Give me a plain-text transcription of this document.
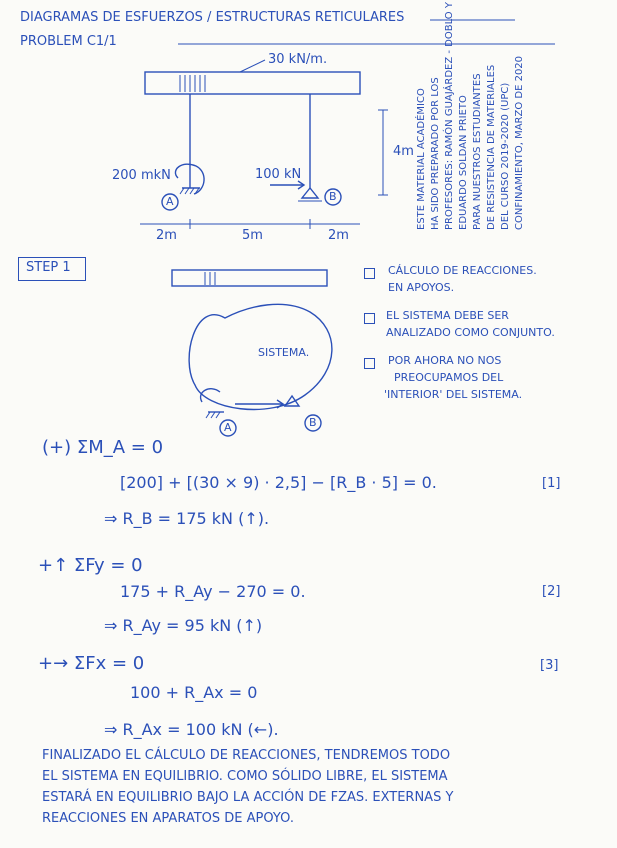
DIAGRAMAS DE ESFUERZOS / ESTRUCTURAS RETICULARES
PROBLEM C1/1
30 kN/m.
4m
200 mkN	100 kN
A	B
2m	5m	2m
ESTE MATERIAL ACADÉMICO HA SIDO PREPARADO POR LOS PROFESORES: RAMÓN GUAJÁRDEZ - DOBLO Y EDUARDO SOLDAN PRIETO PARA NUESTROS ESTUDIANTES DE RESISTENCIA DE MATERIALES DEL CURSO 2019-2020 (UPC) CONFINAMIENTO, MARZO DE 2020
STEP 1
SISTEMA.
A	B
CÁLCULO DE REACCIONES.
EN APOYOS.
EL SISTEMA DEBE SER
ANALIZADO COMO CONJUNTO.
POR AHORA NO NOS
PREOCUPAMOS DEL
'INTERIOR' DEL SISTEMA.
(+) ΣM_A = 0
[200] + [(30 × 9) · 2,5] − [R_B · 5] = 0.	[1]
⇒ R_B = 175 kN (↑).
+↑ ΣFy = 0
175 + R_Ay − 270 = 0.	[2]
⇒ R_Ay = 95 kN (↑)
+→ ΣFx = 0	[3]
100 + R_Ax = 0
⇒ R_Ax = 100 kN (←).
FINALIZADO EL CÁLCULO DE REACCIONES, TENDREMOS TODO
EL SISTEMA EN EQUILIBRIO. COMO SÓLIDO LIBRE, EL SISTEMA
ESTARÁ EN EQUILIBRIO BAJO LA ACCIÓN DE FZAS. EXTERNAS Y
REACCIONES EN APARATOS DE APOYO.
